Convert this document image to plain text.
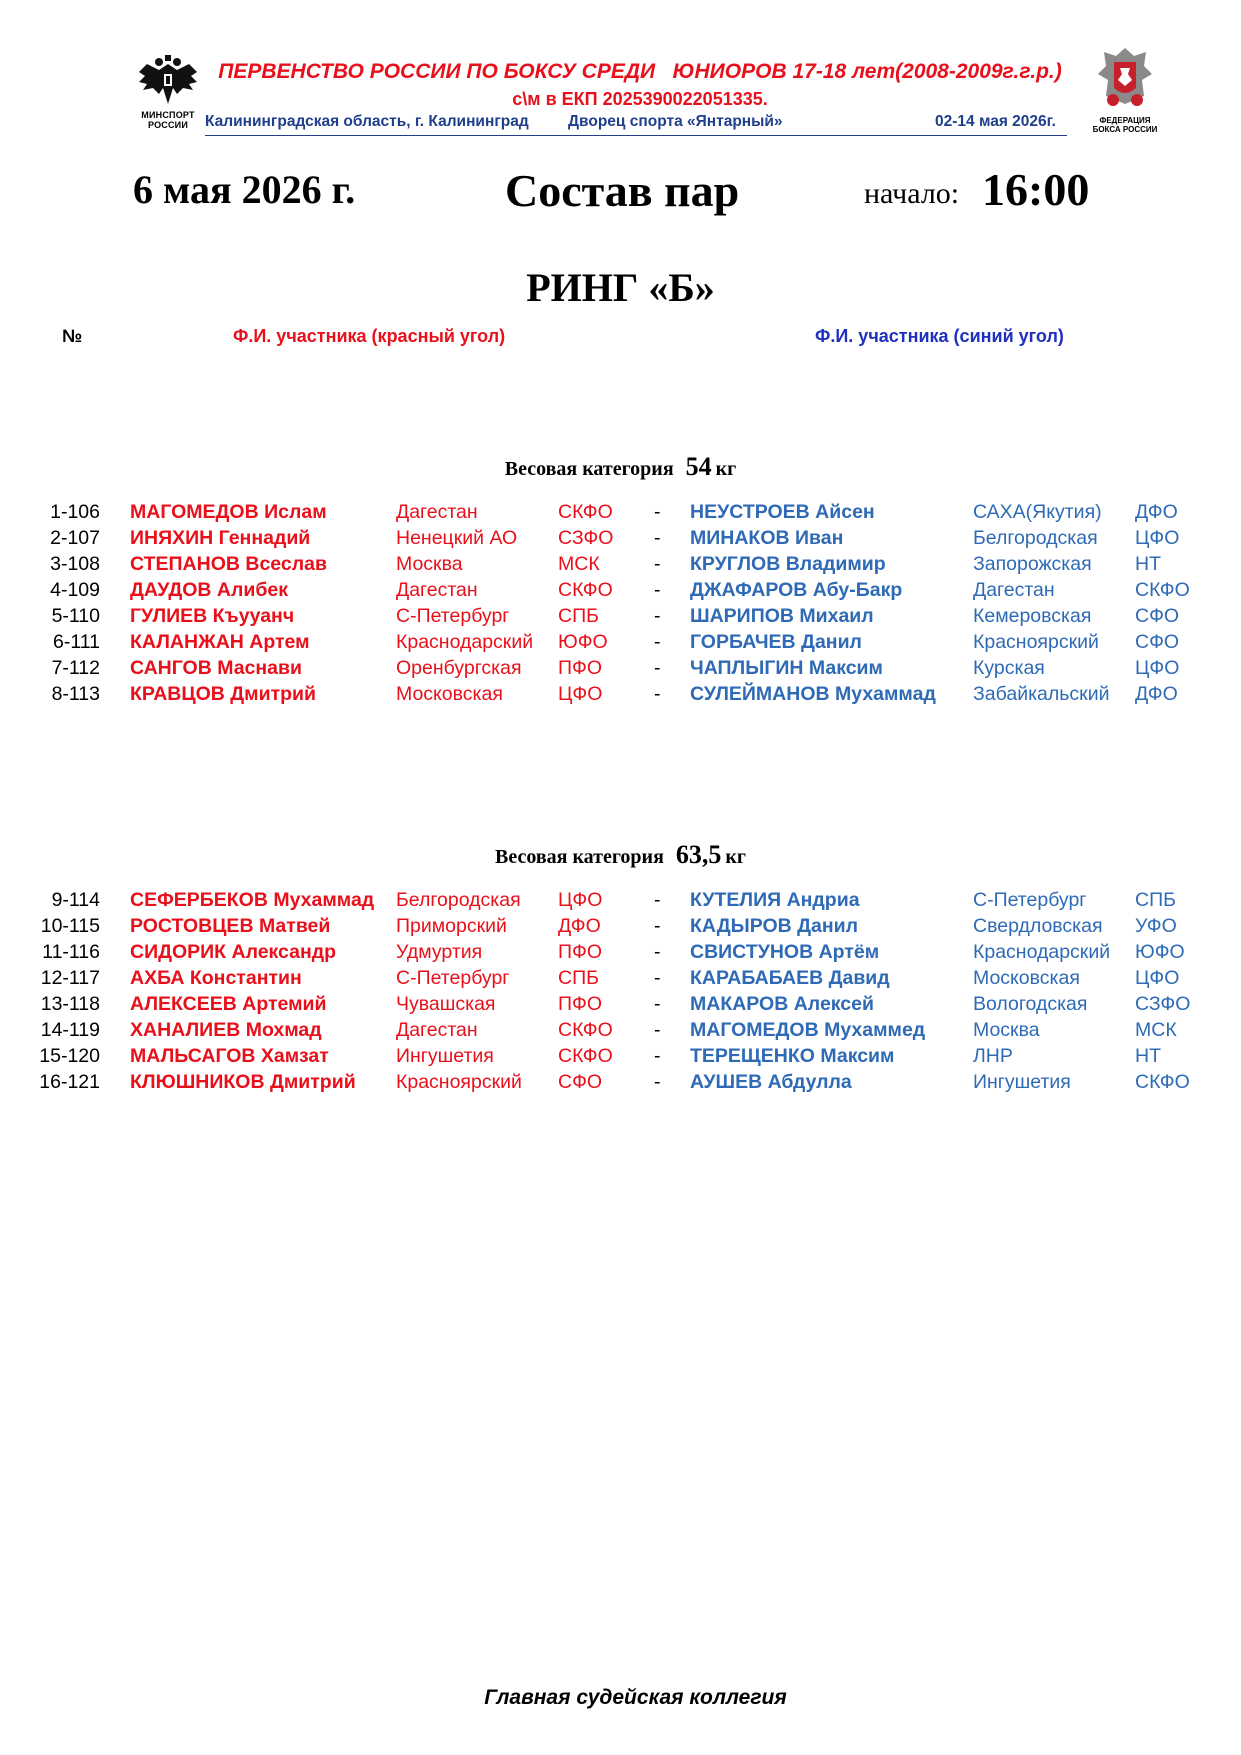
МИНСПОРТ
РОССИИ	ФЕДЕРАЦИЯ
БОКСА РОССИИ
ПЕРВЕНСТВО РОССИИ ПО БОКСУ СРЕДИ   ЮНИОРОВ 17-18 лет(2008-2009г.г.р.)
с\м в ЕКП 2025390022051335.
Калининградская область, г. Калининград	Дворец спорта «Янтарный»	02-14 мая 2026г.
6 мая 2026 г.	Состав пар	начало: 16:00
РИНГ «Б»
№	Ф.И. участника (красный угол)	Ф.И. участника (синий угол)
Весовая категория 54 кг
1-106 МАГОМЕДОВ Ислам	Дагестан	СКФО - НЕУСТРОЕВ Айсен	САХА(Якутия) ДФО
2-107 ИНЯХИН Геннадий	Ненецкий АО СЗФО - МИНАКОВ Иван	Белгородская ЦФО
3-108 СТЕПАНОВ Всеслав	Москва	МСК	- КРУГЛОВ Владимир	Запорожская НТ
4-109 ДАУДОВ Алибек	Дагестан	СКФО - ДЖАФАРОВ Абу-Бакр	Дагестан	СКФО
5-110 ГУЛИЕВ Къууанч	С-Петербург СПБ	- ШАРИПОВ Михаил	Кемеровская СФО
6-111 КАЛАНЖАН Артем	Краснодарский ЮФО - ГОРБАЧЕВ Данил	Красноярский СФО
7-112 САНГОВ Маснави	Оренбургская ПФО	- ЧАПЛЫГИН Максим	Курская	ЦФО
8-113 КРАВЦОВ Дмитрий	Московская	ЦФО	- СУЛЕЙМАНОВ Мухаммад Забайкальский ДФО
Весовая категория 63,5 кг
9-114 СЕФЕРБЕКОВ Мухаммад Белгородская ЦФО	- КУТЕЛИЯ Андриа	С-Петербург СПБ
10-115 РОСТОВЦЕВ Матвей	Приморский	ДФО	- КАДЫРОВ Данил	Свердловская УФО
11-116 СИДОРИК Александр	Удмуртия	ПФО	- СВИСТУНОВ Артём	Краснодарский ЮФО
12-117 АХБА Константин	С-Петербург СПБ	- КАРАБАБАЕВ Давид	Московская	ЦФО
13-118 АЛЕКСЕЕВ Артемий	Чувашская	ПФО	- МАКАРОВ Алексей	Вологодская СЗФО
14-119 ХАНАЛИЕВ Мохмад	Дагестан	СКФО - МАГОМЕДОВ Мухаммед Москва	МСК
15-120 МАЛЬСАГОВ Хамзат	Ингушетия	СКФО - ТЕРЕЩЕНКО Максим	ЛНР	НТ
16-121 КЛЮШНИКОВ Дмитрий Красноярский СФО	- АУШЕВ Абдулла	Ингушетия	СКФО
Главная судейская коллегия
